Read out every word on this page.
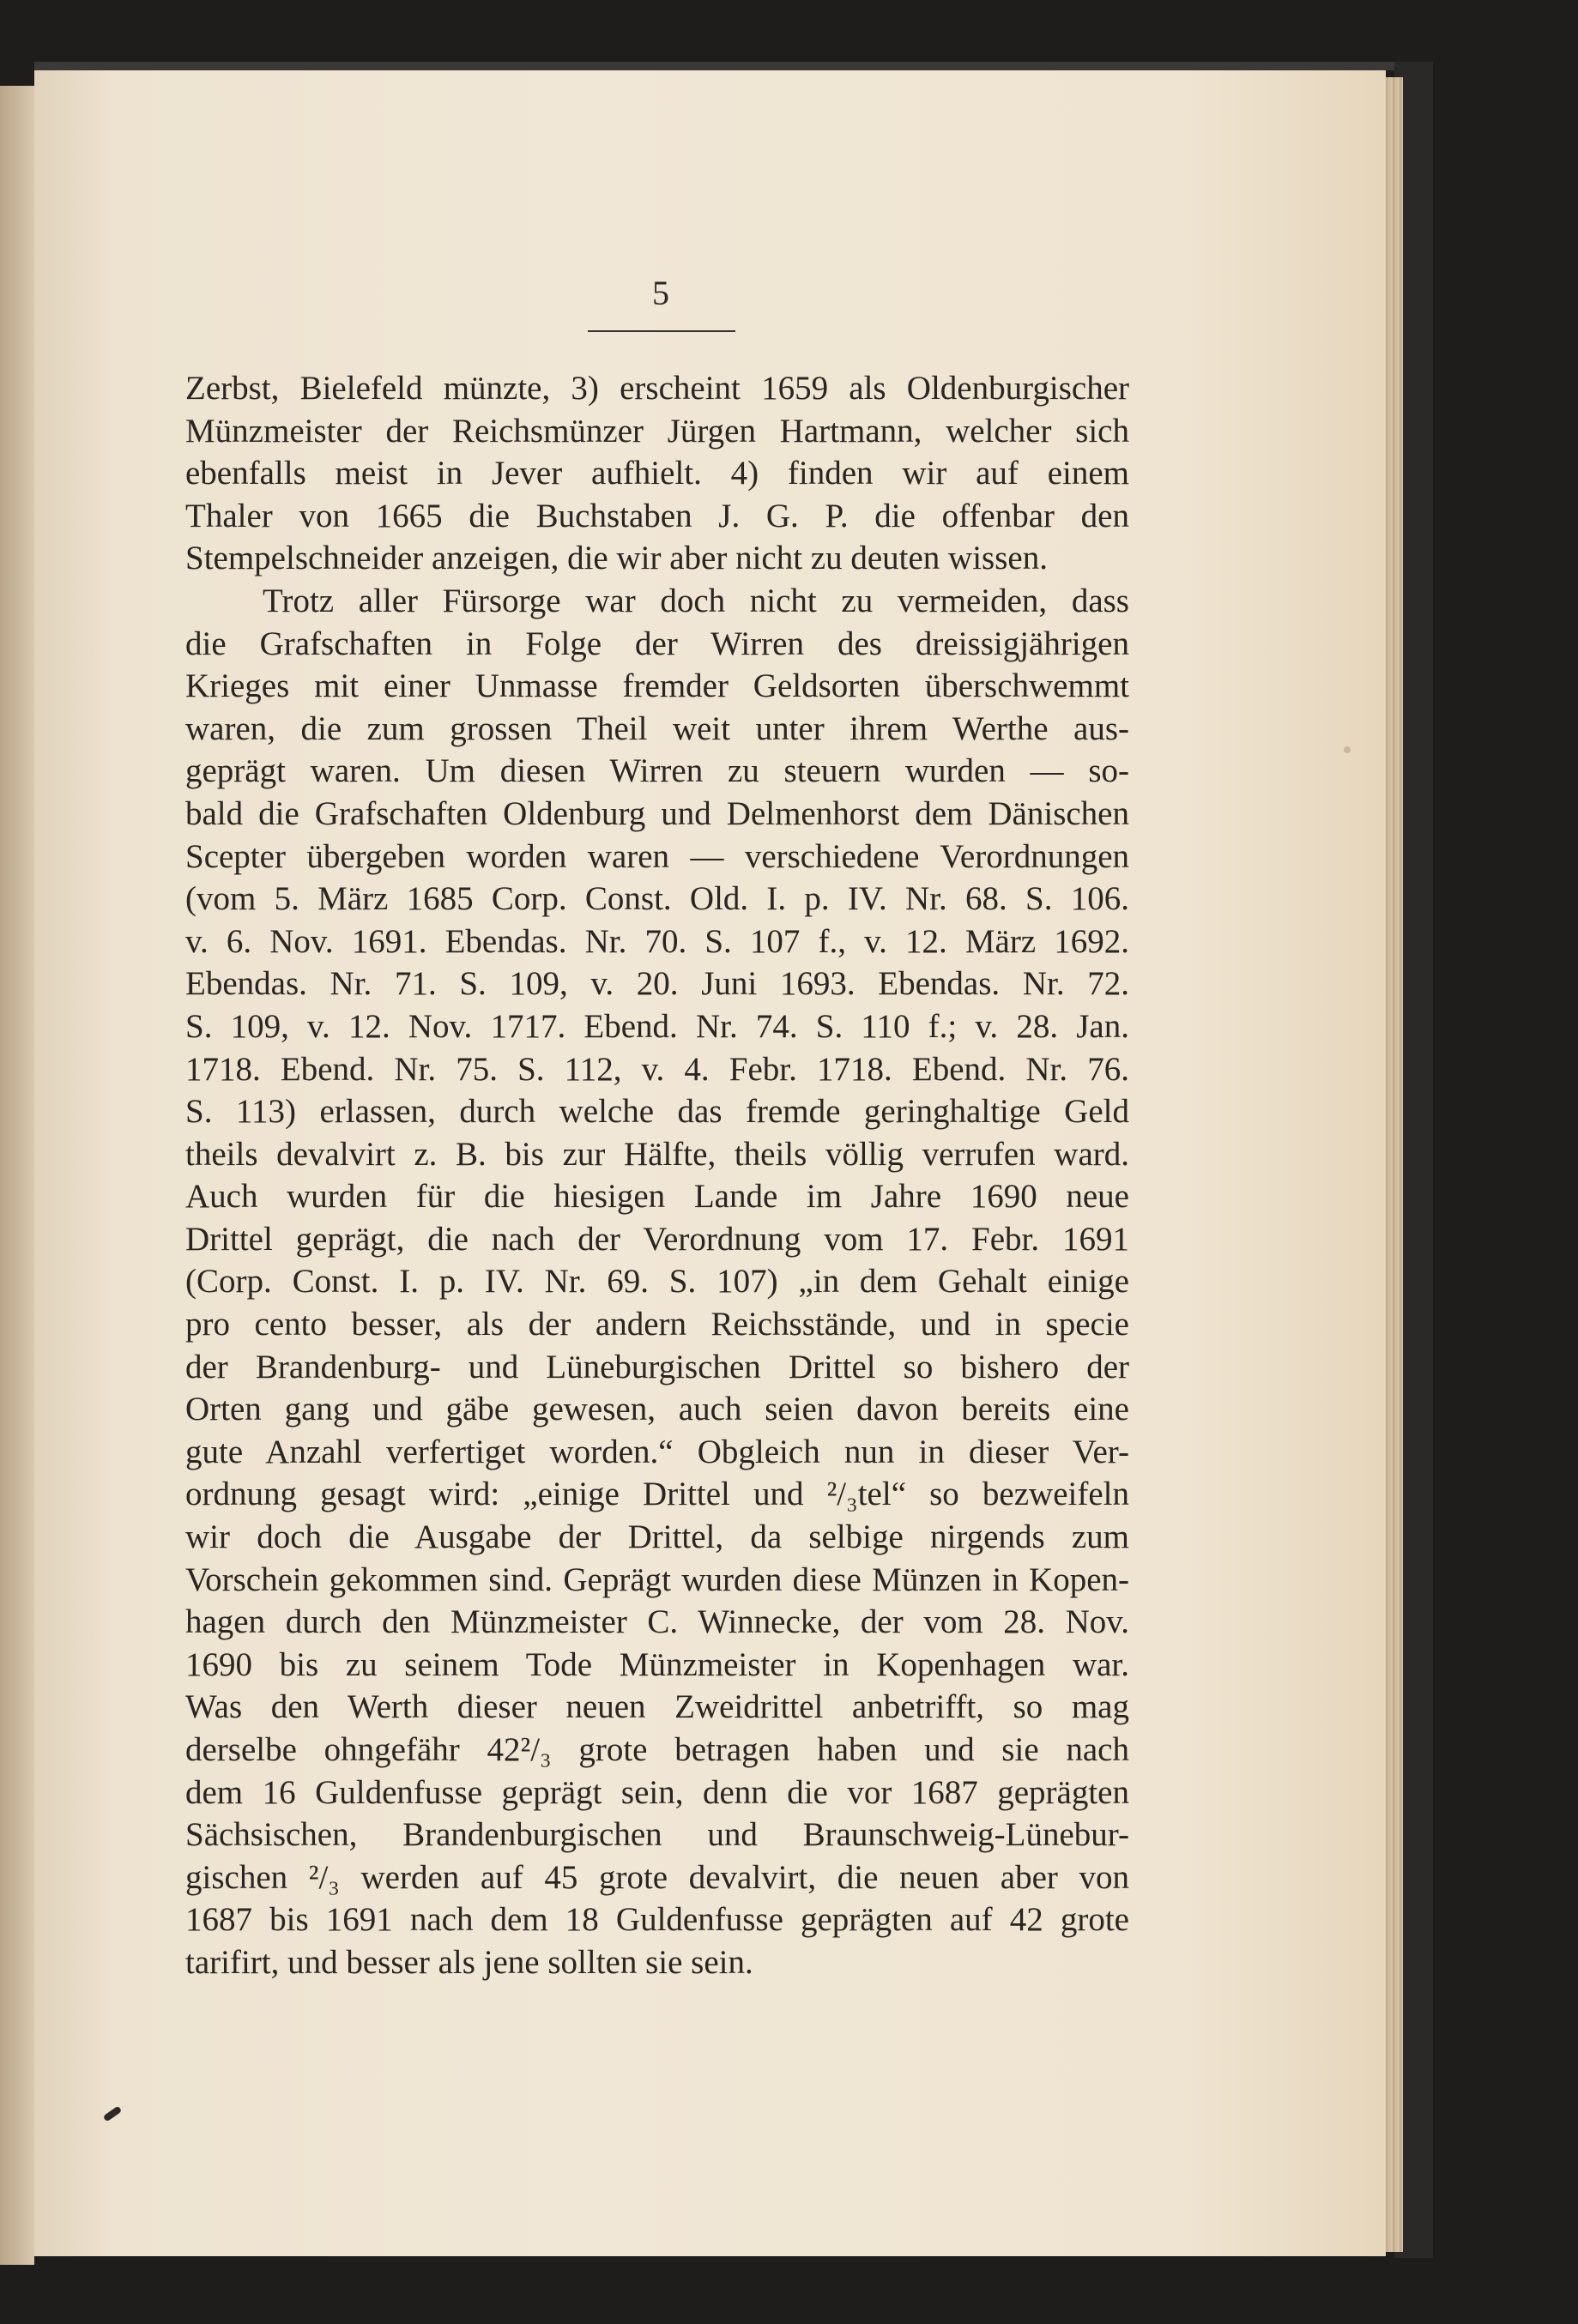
5
Zerbst, Bielefeld münzte, 3) erscheint 1659 als Oldenburgischer
Münzmeister der Reichsmünzer Jürgen Hartmann, welcher sich
ebenfalls meist in Jever aufhielt. 4) finden wir auf einem
Thaler von 1665 die Buchstaben J. G. P. die offenbar den
Stempelschneider anzeigen, die wir aber nicht zu deuten wissen.
Trotz aller Fürsorge war doch nicht zu vermeiden, dass
die Grafschaften in Folge der Wirren des dreissigjährigen
Krieges mit einer Unmasse fremder Geldsorten überschwemmt
waren, die zum grossen Theil weit unter ihrem Werthe aus-
geprägt waren. Um diesen Wirren zu steuern wurden — so-
bald die Grafschaften Oldenburg und Delmenhorst dem Dänischen
Scepter übergeben worden waren — verschiedene Verordnungen
(vom 5. März 1685 Corp. Const. Old. I. p. IV. Nr. 68. S. 106.
v. 6. Nov. 1691. Ebendas. Nr. 70. S. 107 f., v. 12. März 1692.
Ebendas. Nr. 71. S. 109, v. 20. Juni 1693. Ebendas. Nr. 72.
S. 109, v. 12. Nov. 1717. Ebend. Nr. 74. S. 110 f.; v. 28. Jan.
1718. Ebend. Nr. 75. S. 112, v. 4. Febr. 1718. Ebend. Nr. 76.
S. 113) erlassen, durch welche das fremde geringhaltige Geld
theils devalvirt z. B. bis zur Hälfte, theils völlig verrufen ward.
Auch wurden für die hiesigen Lande im Jahre 1690 neue
Drittel geprägt, die nach der Verordnung vom 17. Febr. 1691
(Corp. Const. I. p. IV. Nr. 69. S. 107) „in dem Gehalt einige
pro cento besser, als der andern Reichsstände, und in specie
der Brandenburg- und Lüneburgischen Drittel so bishero der
Orten gang und gäbe gewesen, auch seien davon bereits eine
gute Anzahl verfertiget worden.“ Obgleich nun in dieser Ver-
ordnung gesagt wird: „einige Drittel und ²/₃tel“ so bezweifeln
wir doch die Ausgabe der Drittel, da selbige nirgends zum
Vorschein gekommen sind. Geprägt wurden diese Münzen in Kopen-
hagen durch den Münzmeister C. Winnecke, der vom 28. Nov.
1690 bis zu seinem Tode Münzmeister in Kopenhagen war.
Was den Werth dieser neuen Zweidrittel anbetrifft, so mag
derselbe ohngefähr 42²/₃ grote betragen haben und sie nach
dem 16 Guldenfusse geprägt sein, denn die vor 1687 geprägten
Sächsischen, Brandenburgischen und Braunschweig-Lünebur-
gischen ²/₃ werden auf 45 grote devalvirt, die neuen aber von
1687 bis 1691 nach dem 18 Guldenfusse geprägten auf 42 grote
tarifirt, und besser als jene sollten sie sein.
